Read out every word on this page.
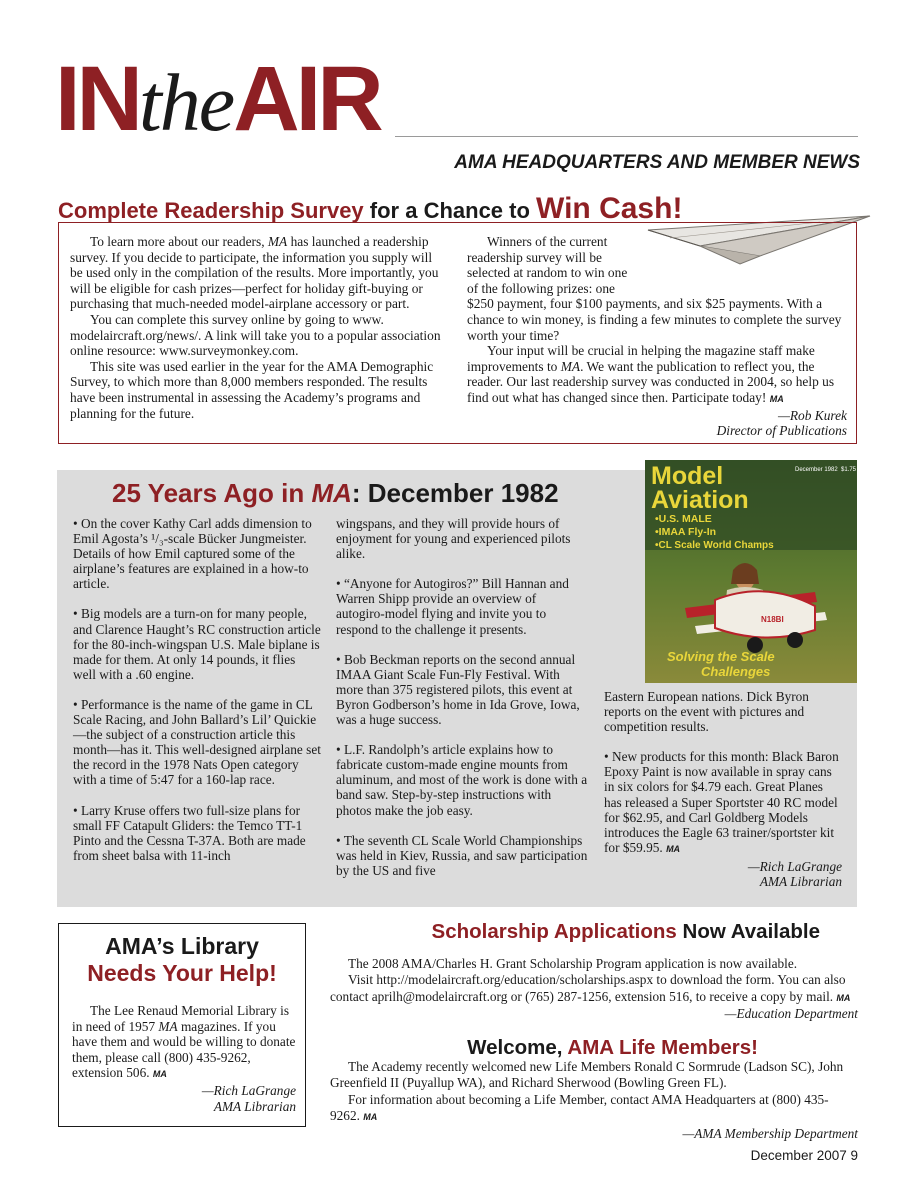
INtheAIR
AMA HEADQUARTERS AND MEMBER NEWS
Complete Readership Survey for a Chance to Win Cash!

To learn more about our readers, MA has launched a readership survey. If you decide to participate, the information you supply will be used only in the compilation of the results. More importantly, you will be eligible for cash prizes—perfect for holiday gift-buying or purchasing that much-needed model-airplane accessory or part.

You can complete this survey online by going to www. modelaircraft.org/news/. A link will take you to a popular association online resource: www.surveymonkey.com.

This site was used earlier in the year for the AMA Demographic Survey, to which more than 8,000 members responded. The results have been instrumental in assessing the Academy’s programs and planning for the future.

Winners of the current
readership survey will be
selected at random to win one
of the following prizes: one
$250 payment, four $100 payments, and six $25 payments. With a chance to win money, is finding a few minutes to complete the survey worth your time?

Your input will be crucial in helping the magazine staff make improvements to MA. We want the publication to reflect you, the reader. Our last readership survey was conducted in 2004, so help us find out what has changed since then. Participate today! MA

—Rob Kurek
Director of Publications
25 Years Ago in MA: December 1982

• On the cover Kathy Carl adds dimension to Emil Agosta’s ¹/₃-scale Bücker Jungmeister. Details of how Emil captured some of the airplane’s features are explained in a how-to article.

• Big models are a turn-on for many people, and Clarence Haught’s RC construction article for the 80-inch-wingspan U.S. Male biplane is made for them. At only 14 pounds, it flies well with a .60 engine.

• Performance is the name of the game in CL Scale Racing, and John Ballard’s Lil’ Quickie—the subject of a construction article this month—has it. This well-designed airplane set the record in the 1978 Nats Open category with a time of 5:47 for a 160-lap race.

• Larry Kruse offers two full-size plans for small FF Catapult Gliders: the Temco TT-1 Pinto and the Cessna T-37A. Both are made from sheet balsa with 11-inch

wingspans, and they will provide hours of enjoyment for young and experienced pilots alike.

• “Anyone for Autogiros?” Bill Hannan and Warren Shipp provide an overview of autogiro-model flying and invite you to respond to the challenge it presents.

• Bob Beckman reports on the second annual IMAA Giant Scale Fun-Fly Festival. With more than 375 registered pilots, this event at Byron Godberson’s home in Ida Grove, Iowa, was a huge success.

• L.F. Randolph’s article explains how to fabricate custom-made engine mounts from aluminum, and most of the work is done with a band saw. Step-by-step instructions with photos make the job easy.

• The seventh CL Scale World Championships was held in Kiev, Russia, and saw participation by the US and five

Eastern European nations. Dick Byron reports on the event with pictures and competition results.

• New products for this month: Black Baron Epoxy Paint is now available in spray cans in six colors for $4.79 each. Great Planes has released a Super Sportster 40 RC model for $62.95, and Carl Goldberg Models introduces the Eagle 63 trainer/sportster kit for $59.95. MA

—Rich LaGrange
AMA Librarian
Model
Aviation
December 1982 $1.75
•U.S. MALE
•IMAA Fly-In
•CL Scale World Champs
N18BI
Solving the Scale
Challenges
AMA’s Library
Needs Your Help!

The Lee Renaud Memorial Library is in need of 1957 MA magazines. If you have them and would be willing to donate them, please call (800) 435-9262, extension 506. MA

—Rich LaGrange
AMA Librarian
Scholarship Applications Now Available

The 2008 AMA/Charles H. Grant Scholarship Program application is now available.

Visit http://modelaircraft.org/education/scholarships.aspx to download the form. You can also contact aprilh@modelaircraft.org or (765) 287-1256, extension 516, to receive a copy by mail. MA

—Education Department
Welcome, AMA Life Members!

The Academy recently welcomed new Life Members Ronald C Sormrude (Ladson SC), John Greenfield II (Puyallup WA), and Richard Sherwood (Bowling Green FL).

For information about becoming a Life Member, contact AMA Headquarters at (800) 435-9262. MA

—AMA Membership Department
December 2007 9
